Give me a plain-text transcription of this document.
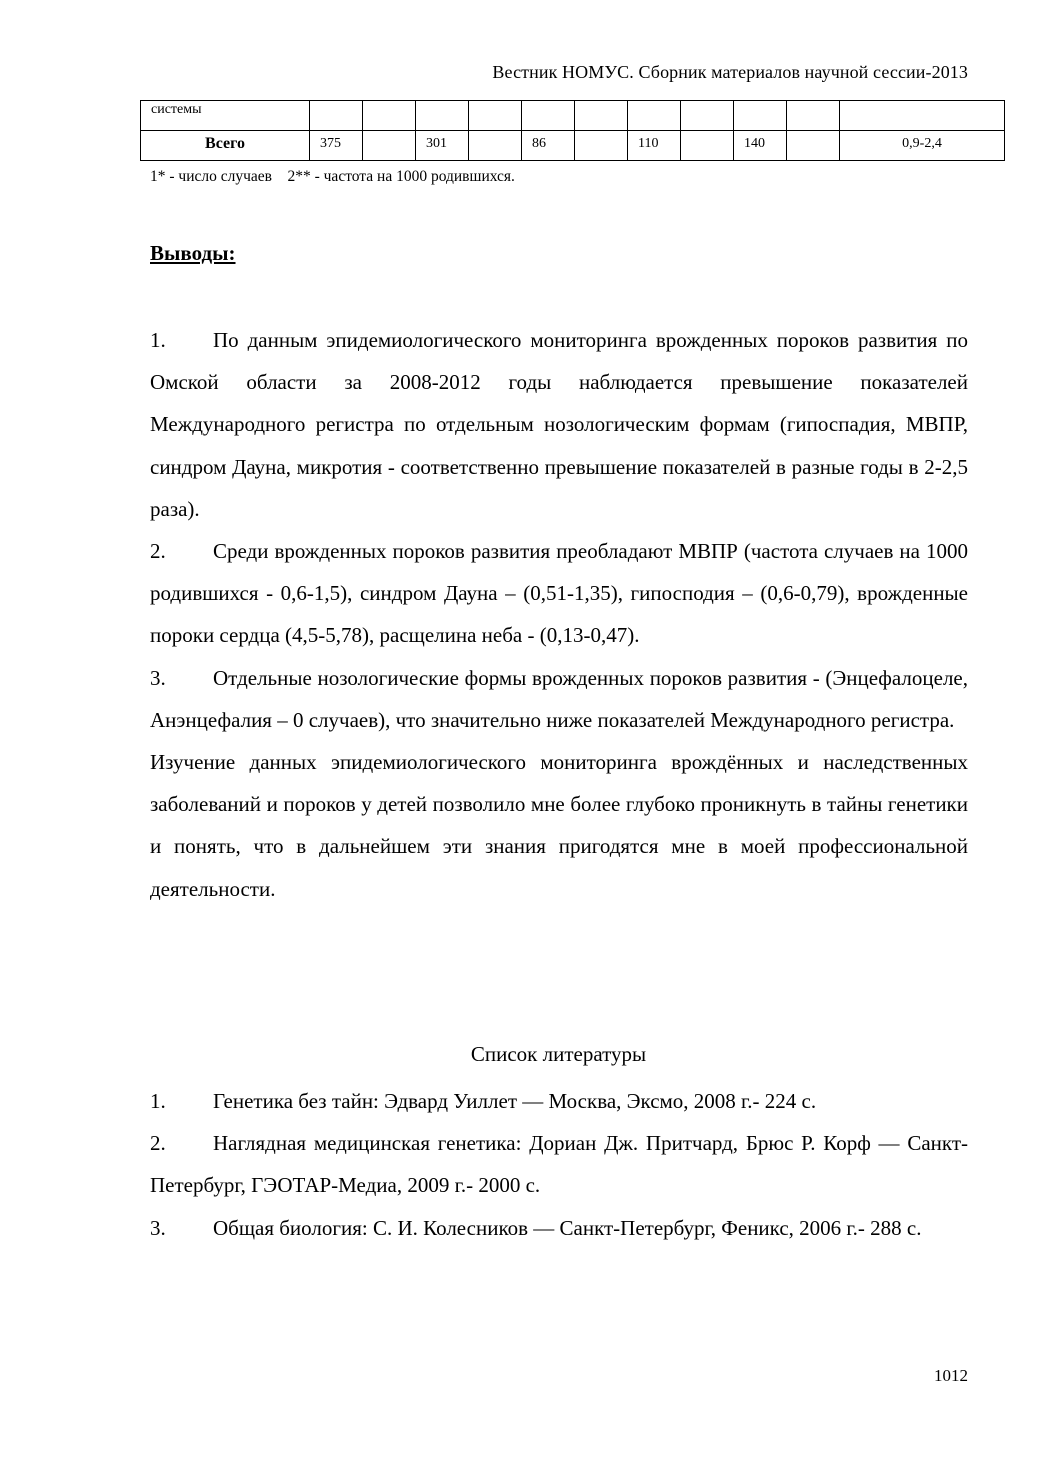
Вестник НОМУС. Сборник материалов научной сессии-2013
системы											
Всего	375		301		86		110		140		0,9-2,4
1* - число случаев    2** - частота на 1000 родившихся.
Выводы:

1. По данным эпидемиологического мониторинга врожденных пороков развития по Омской области за 2008-2012 годы наблюдается превышение показателей Международного регистра по отдельным нозологическим формам (гипоспадия, МВПР, синдром Дауна, микротия - соответственно превышение показателей в разные годы в 2-2,5 раза).

2. Среди врожденных пороков развития преобладают МВПР (частота случаев на 1000 родившихся - 0,6-1,5), синдром Дауна – (0,51-1,35), гипосподия – (0,6-0,79), врожденные пороки сердца (4,5-5,78), расщелина неба - (0,13-0,47).

3. Отдельные нозологические формы врожденных пороков развития - (Энцефалоцеле, Анэнцефалия – 0 случаев), что значительно ниже показателей Международного регистра.

Изучение данных эпидемиологического мониторинга врождённых и наследственных заболеваний и пороков у детей позволило мне более глубоко проникнуть в тайны генетики и понять, что в дальнейшем эти знания пригодятся мне в моей профессиональной деятельности.

Список литературы

1. Генетика без тайн: Эдвард Уиллет — Москва, Эксмо, 2008 г.- 224 с.

2. Наглядная медицинская генетика: Дориан Дж. Притчард, Брюс Р. Корф — Санкт-Петербург, ГЭОТАР-Медиа, 2009 г.- 2000 с.

3. Общая биология: С. И. Колесников — Санкт-Петербург, Феникс, 2006 г.- 288 с.

1012
